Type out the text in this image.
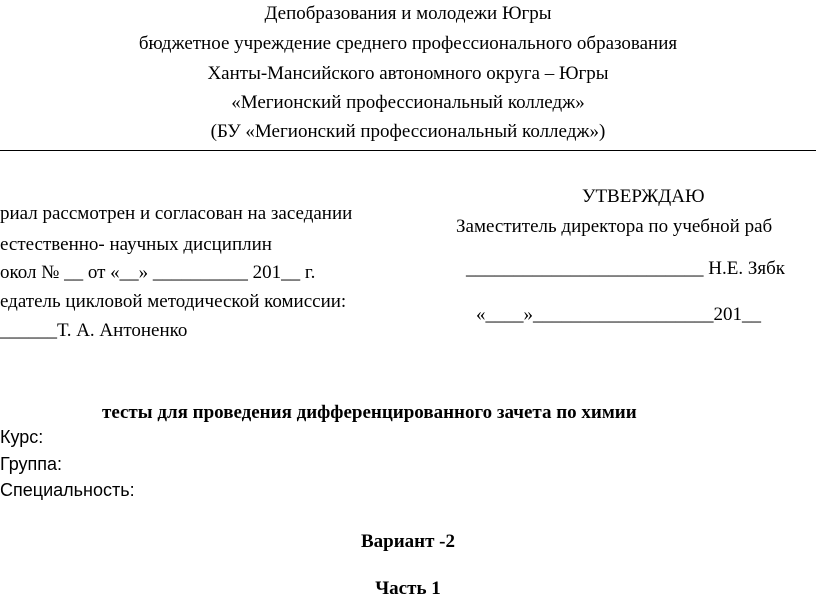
Депобразования и молодежи Югры
бюджетное учреждение среднего профессионального образования
Ханты-Мансийского автономного округа – Югры
«Мегионский профессиональный колледж»
(БУ «Мегионский профессиональный колледж»)
риал рассмотрен и согласован на заседании
естественно- научных дисциплин
окол № __ от «__» __________ 201__ г.
едатель цикловой методической комиссии:
______Т. А. Антоненко
УТВЕРЖДАЮ
Заместитель директора по учебной раб
_________________________ Н.Е. Зябк
«____»___________________201__
тесты для проведения дифференцированного зачета по химии
Курс:
Группа:
Специальность:
Вариант -2
Часть 1
